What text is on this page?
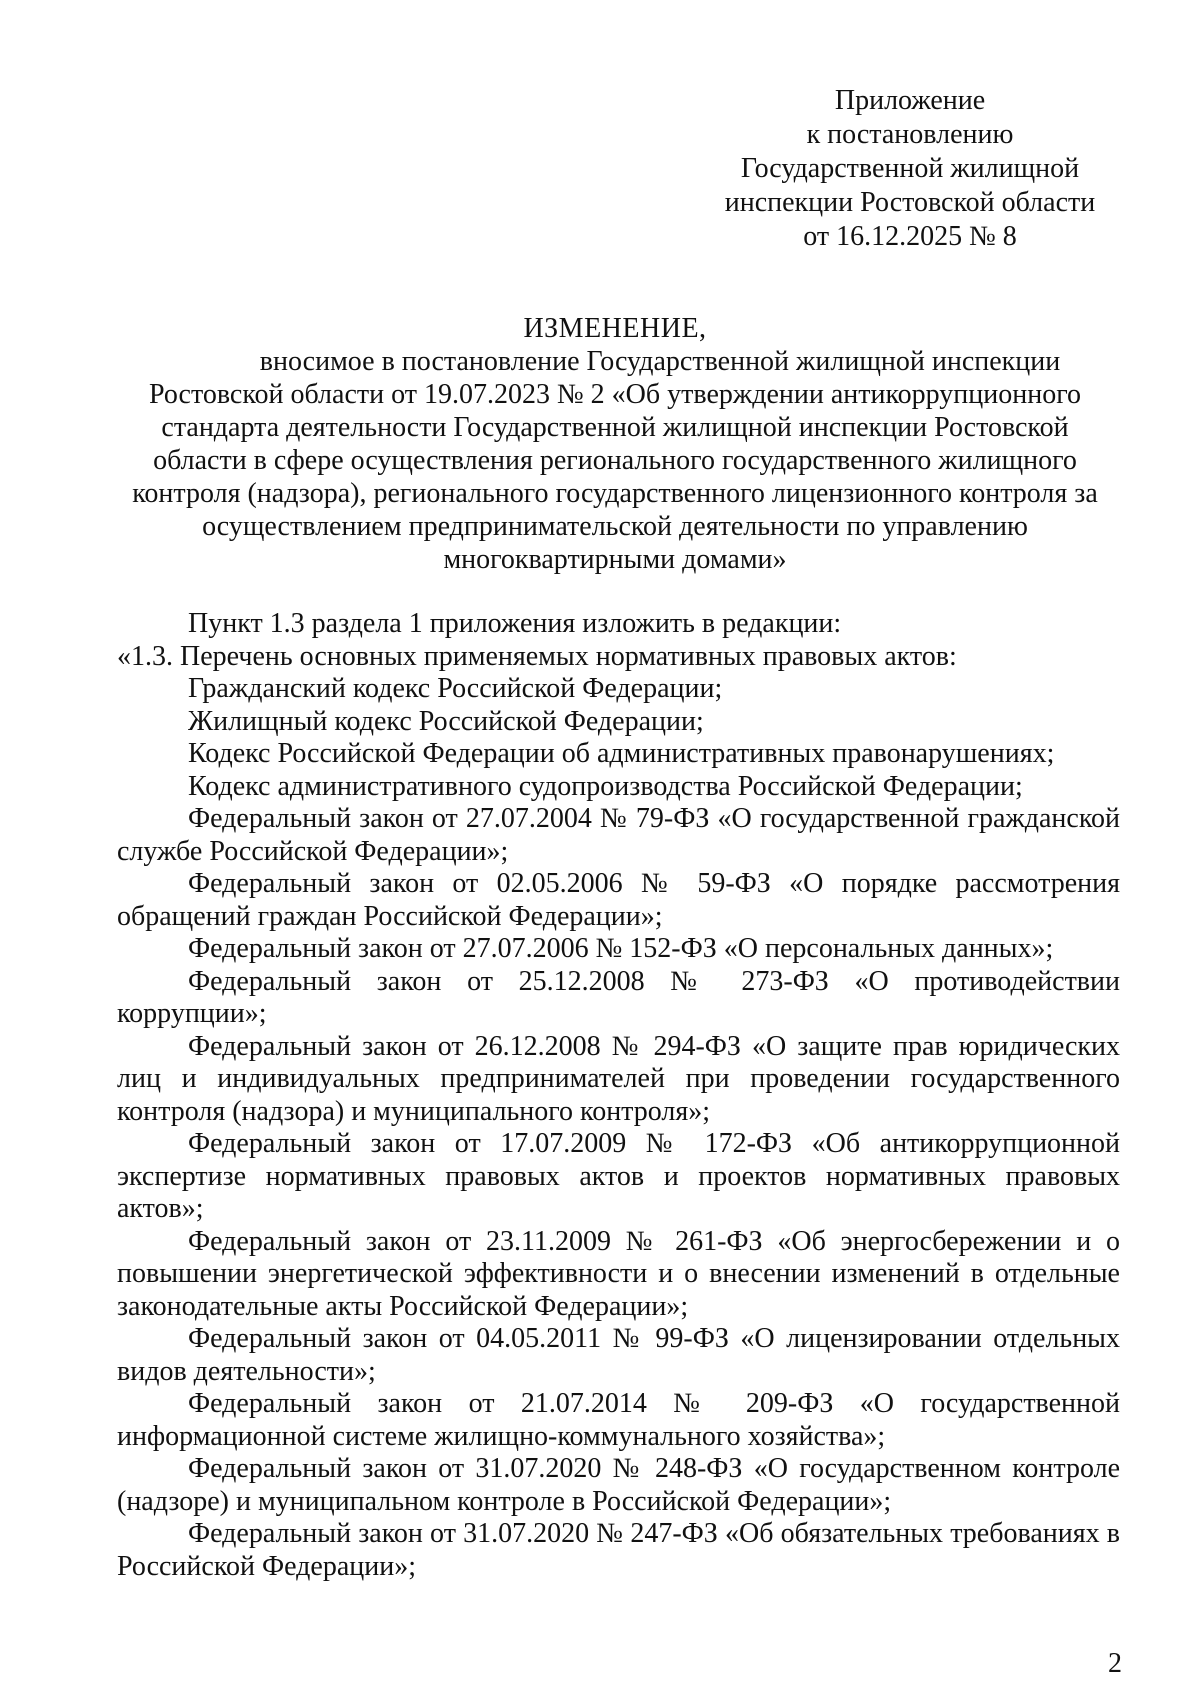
Приложение
к постановлению
Государственной жилищной
инспекции Ростовской области
от 16.12.2025 № 8
ИЗМЕНЕНИЕ,
вносимое в постановление Государственной жилищной инспекции
Ростовской области от 19.07.2023 № 2 «Об утверждении антикоррупционного
стандарта деятельности Государственной жилищной инспекции Ростовской
области в сфере осуществления регионального государственного жилищного
контроля (надзора), регионального государственного лицензионного контроля за
осуществлением предпринимательской деятельности по управлению
многоквартирными домами»

Пункт 1.3 раздела 1 приложения изложить в редакции:

«1.3. Перечень основных применяемых нормативных правовых актов:

Гражданский кодекс Российской Федерации;

Жилищный кодекс Российской Федерации;

Кодекс Российской Федерации об административных правонарушениях;

Кодекс административного судопроизводства Российской Федерации;

Федеральный закон от 27.07.2004 № 79-ФЗ «О государственной гражданской службе Российской Федерации»;

Федеральный закон от 02.05.2006 № 59-ФЗ «О порядке рассмотрения обращений граждан Российской Федерации»;

Федеральный закон от 27.07.2006 № 152-ФЗ «О персональных данных»;

Федеральный закон от 25.12.2008 № 273-ФЗ «О противодействии коррупции»;

Федеральный закон от 26.12.2008 № 294-ФЗ «О защите прав юридических лиц и индивидуальных предпринимателей при проведении государственного контроля (надзора) и муниципального контроля»;

Федеральный закон от 17.07.2009 № 172-ФЗ «Об антикоррупционной экспертизе нормативных правовых актов и проектов нормативных правовых актов»;

Федеральный закон от 23.11.2009 № 261-ФЗ «Об энергосбережении и о повышении энергетической эффективности и о внесении изменений в отдельные законодательные акты Российской Федерации»;

Федеральный закон от 04.05.2011 № 99-ФЗ «О лицензировании отдельных видов деятельности»;

Федеральный закон от 21.07.2014 № 209-ФЗ «О государственной информационной системе жилищно-коммунального хозяйства»;

Федеральный закон от 31.07.2020 № 248-ФЗ «О государственном контроле (надзоре) и муниципальном контроле в Российской Федерации»;

Федеральный закон от 31.07.2020 № 247-ФЗ «Об обязательных требованиях в Российской Федерации»;

2
